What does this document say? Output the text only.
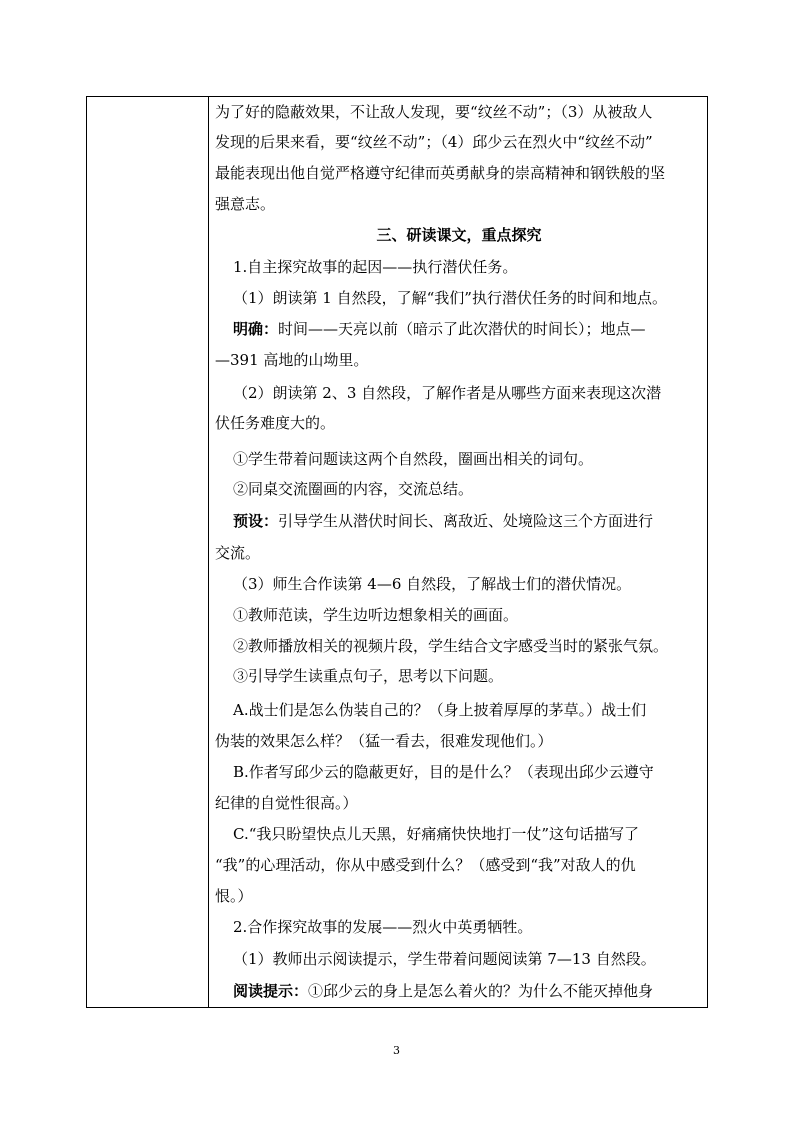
为了好的隐蔽效果，不让敌人发现，要“纹丝不动”；（3）从被敌人
发现的后果来看，要“纹丝不动”；（4）邱少云在烈火中“纹丝不动”
最能表现出他自觉严格遵守纪律而英勇献身的崇高精神和钢铁般的坚
强意志。
三、研读课文，重点探究
1.自主探究故事的起因——执行潜伏任务。
（1）朗读第 1 自然段，了解“我们”执行潜伏任务的时间和地点。
明确：时间——天亮以前（暗示了此次潜伏的时间长）；地点—
—391 高地的山坳里。
（2）朗读第 2、3 自然段，了解作者是从哪些方面来表现这次潜
伏任务难度大的。
①学生带着问题读这两个自然段，圈画出相关的词句。
②同桌交流圈画的内容，交流总结。
预设：引导学生从潜伏时间长、离敌近、处境险这三个方面进行
交流。
（3）师生合作读第 4—6 自然段，了解战士们的潜伏情况。
①教师范读，学生边听边想象相关的画面。
②教师播放相关的视频片段，学生结合文字感受当时的紧张气氛。
③引导学生读重点句子，思考以下问题。
A.战士们是怎么伪装自己的？（身上披着厚厚的茅草。）战士们
伪装的效果怎么样？（猛一看去，很难发现他们。）
B.作者写邱少云的隐蔽更好，目的是什么？（表现出邱少云遵守
纪律的自觉性很高。）
C.“我只盼望快点儿天黑，好痛痛快快地打一仗”这句话描写了
“我”的心理活动，你从中感受到什么？（感受到“我”对敌人的仇
恨。）
2.合作探究故事的发展——烈火中英勇牺牲。
（1）教师出示阅读提示，学生带着问题阅读第 7—13 自然段。
阅读提示：①邱少云的身上是怎么着火的？为什么不能灭掉他身
3
